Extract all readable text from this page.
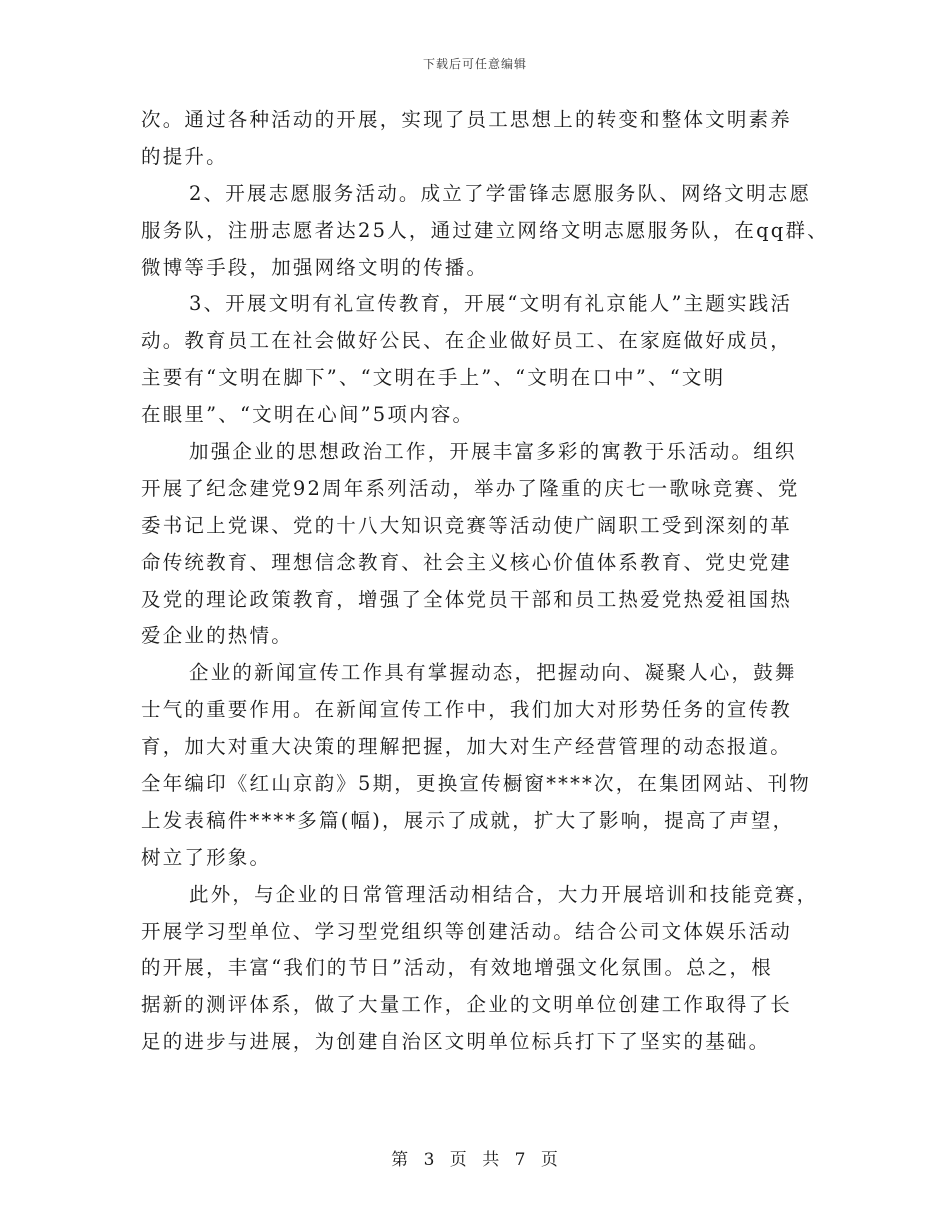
下载后可任意编辑
次。通过各种活动的开展，实现了员工思想上的转变和整体文明素养
的提升。
2、开展志愿服务活动。成立了学雷锋志愿服务队、网络文明志愿
服务队，注册志愿者达25人，通过建立网络文明志愿服务队，在qq群、
微博等手段，加强网络文明的传播。
3、开展文明有礼宣传教育，开展“文明有礼京能人”主题实践活
动。教育员工在社会做好公民、在企业做好员工、在家庭做好成员，
主要有“文明在脚下”、“文明在手上”、“文明在口中”、“文明
在眼里”、“文明在心间”5项内容。
加强企业的思想政治工作，开展丰富多彩的寓教于乐活动。组织
开展了纪念建党92周年系列活动，举办了隆重的庆七一歌咏竞赛、党
委书记上党课、党的十八大知识竞赛等活动使广阔职工受到深刻的革
命传统教育、理想信念教育、社会主义核心价值体系教育、党史党建
及党的理论政策教育，增强了全体党员干部和员工热爱党热爱祖国热
爱企业的热情。
企业的新闻宣传工作具有掌握动态，把握动向、凝聚人心，鼓舞
士气的重要作用。在新闻宣传工作中，我们加大对形势任务的宣传教
育，加大对重大决策的理解把握，加大对生产经营管理的动态报道。
全年编印《红山京韵》5期，更换宣传橱窗****次，在集团网站、刊物
上发表稿件****多篇(幅)，展示了成就，扩大了影响，提高了声望，
树立了形象。
此外，与企业的日常管理活动相结合，大力开展培训和技能竞赛，
开展学习型单位、学习型党组织等创建活动。结合公司文体娱乐活动
的开展，丰富“我们的节日”活动，有效地增强文化氛围。总之，根
据新的测评体系，做了大量工作，企业的文明单位创建工作取得了长
足的进步与进展，为创建自治区文明单位标兵打下了坚实的基础。
第 3 页 共 7 页
